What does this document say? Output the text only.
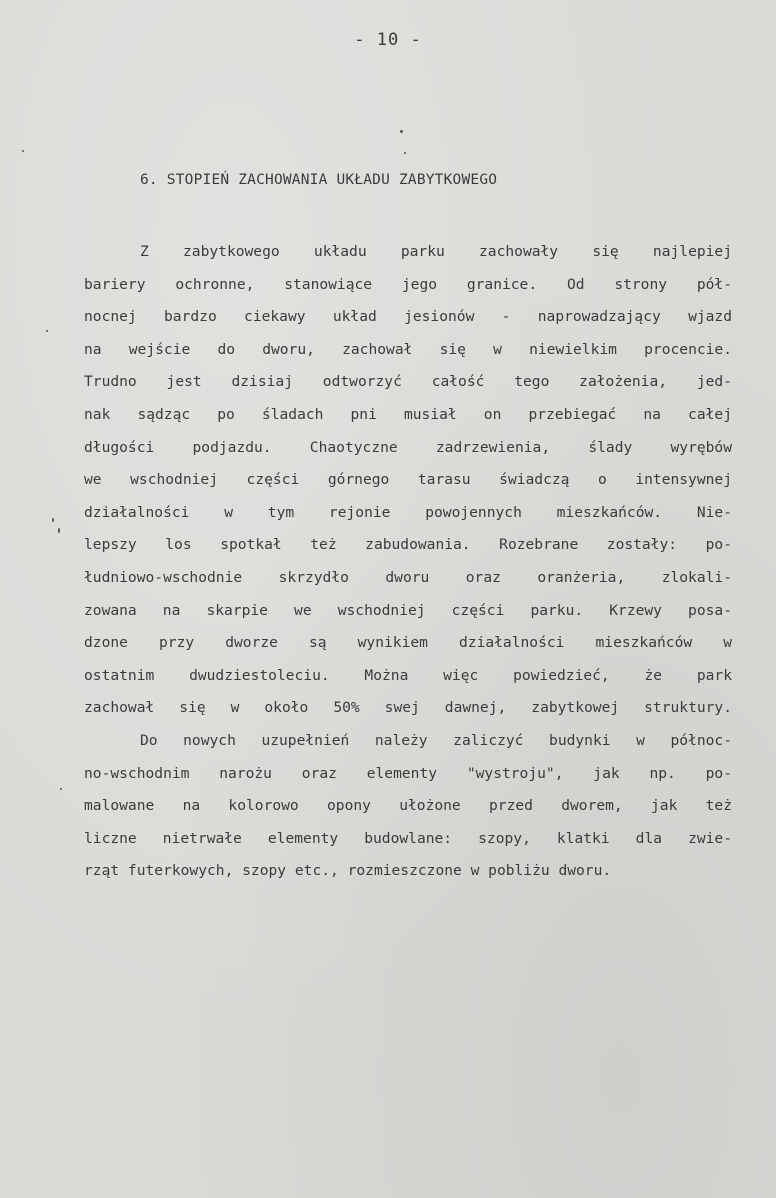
- 10 -
6. STOPIEŃ ZACHOWANIA UKŁADU ZABYTKOWEGO
Z zabytkowego układu parku zachowały się najlepiej
bariery ochronne, stanowiące jego granice. Od strony pół-
nocnej bardzo ciekawy układ jesionów - naprowadzający wjazd
na wejście do dworu, zachował się w niewielkim procencie.
Trudno jest dzisiaj odtworzyć całość tego założenia, jed-
nak sądząc po śladach pni musiał on przebiegać na całej
długości podjazdu. Chaotyczne zadrzewienia, ślady wyrębów
we wschodniej części górnego tarasu świadczą o intensywnej
działalności w tym rejonie powojennych mieszkańców. Nie-
lepszy los spotkał też zabudowania. Rozebrane zostały: po-
łudniowo-wschodnie skrzydło dworu oraz oranżeria, zlokali-
zowana na skarpie we wschodniej części parku. Krzewy posa-
dzone przy dworze są wynikiem działalności mieszkańców w
ostatnim dwudziestoleciu. Można więc powiedzieć, że park
zachował się w około 50% swej dawnej, zabytkowej struktury.
Do nowych uzupełnień należy zaliczyć budynki w północ-
no-wschodnim narożu oraz elementy "wystroju", jak np. po-
malowane na kolorowo opony ułożone przed dworem, jak też
liczne nietrwałe elementy budowlane: szopy, klatki dla zwie-
rząt futerkowych, szopy etc., rozmieszczone w pobliżu dworu.
